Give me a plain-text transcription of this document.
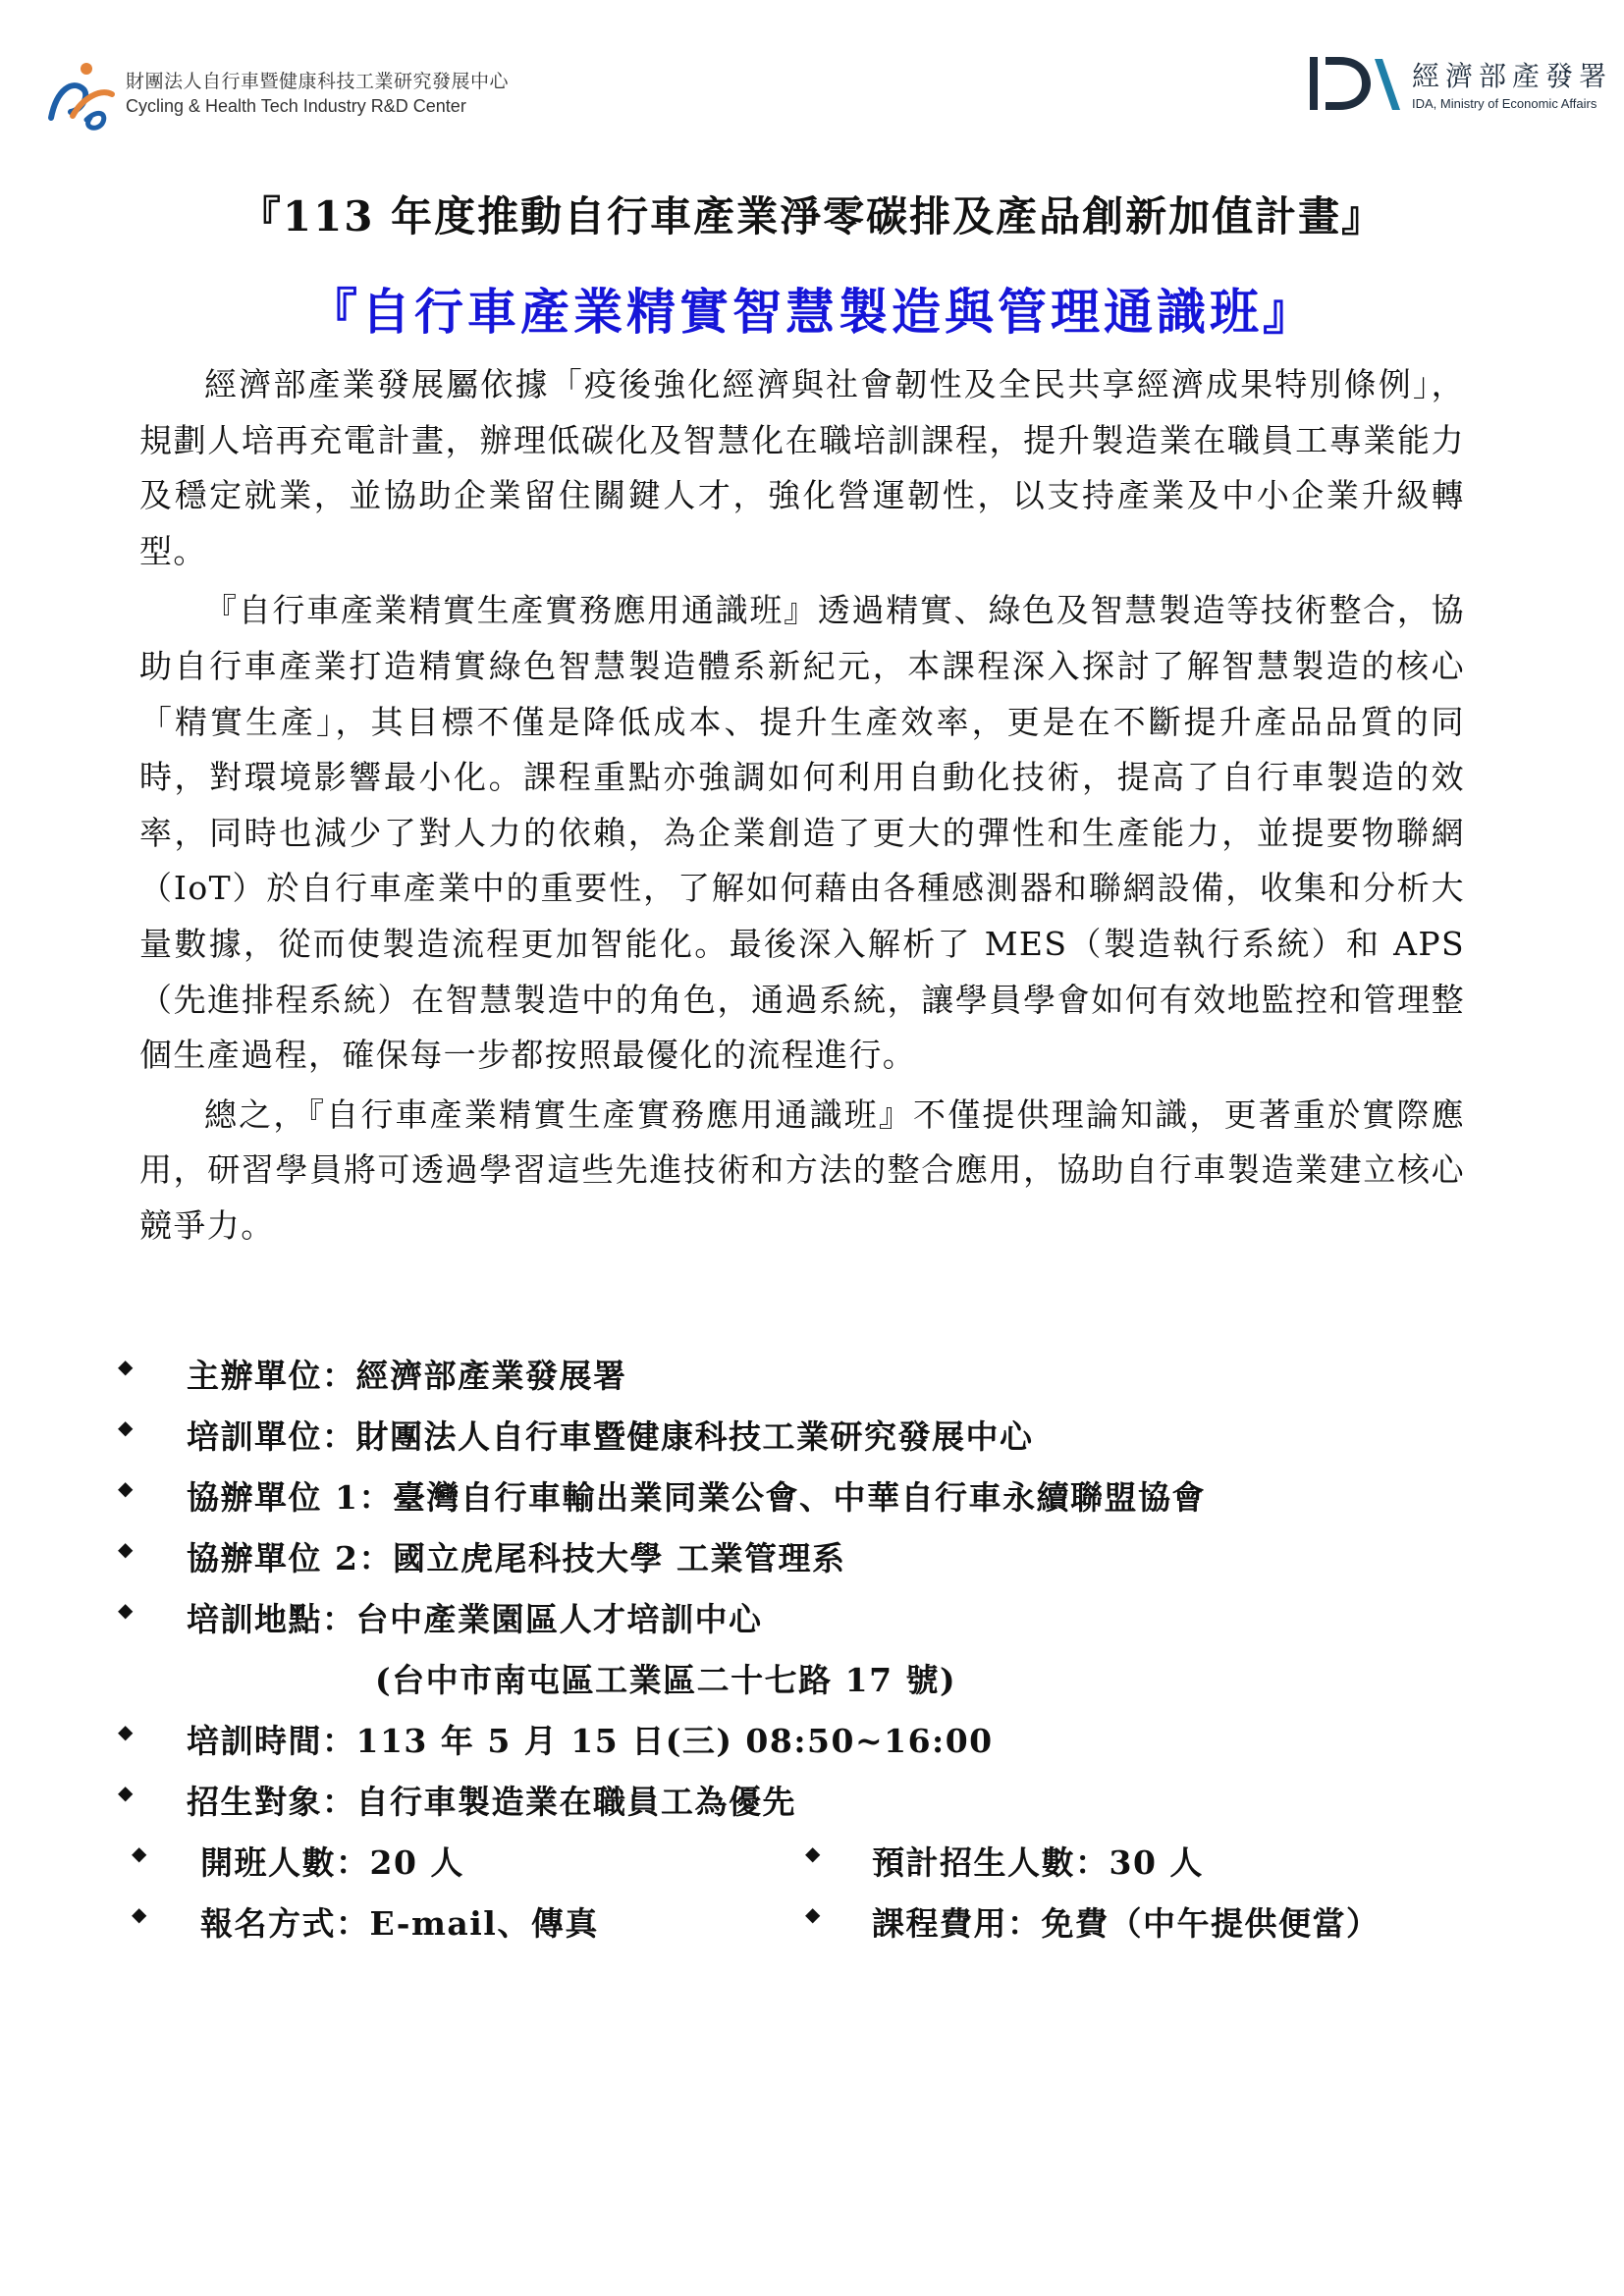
財團法人自行車暨健康科技工業研究發展中心
Cycling & Health Tech Industry R&D Center
經濟部產發署
IDA, Ministry of Economic Affairs
『113 年度推動自行車產業淨零碳排及產品創新加值計畫』
『自行車產業精實智慧製造與管理通識班』

經濟部產業發展屬依據「疫後強化經濟與社會韌性及全民共享經濟成果特別條例」，規劃人培再充電計畫，辦理低碳化及智慧化在職培訓課程，提升製造業在職員工專業能力及穩定就業，並協助企業留住關鍵人才，強化營運韌性，以支持產業及中小企業升級轉型。

『自行車產業精實生產實務應用通識班』透過精實、綠色及智慧製造等技術整合，協助自行車產業打造精實綠色智慧製造體系新紀元，本課程深入探討了解智慧製造的核心「精實生產」，其目標不僅是降低成本、提升生產效率，更是在不斷提升產品品質的同時，對環境影響最小化。課程重點亦強調如何利用自動化技術，提高了自行車製造的效率，同時也減少了對人力的依賴，為企業創造了更大的彈性和生產能力，並提要物聯網（IoT）於自行車產業中的重要性，了解如何藉由各種感測器和聯網設備，收集和分析大量數據，從而使製造流程更加智能化。最後深入解析了 MES（製造執行系統）和 APS（先進排程系統）在智慧製造中的角色，通過系統，讓學員學會如何有效地監控和管理整個生產過程，確保每一步都按照最優化的流程進行。

總之，『自行車產業精實生產實務應用通識班』不僅提供理論知識，更著重於實際應用，研習學員將可透過學習這些先進技術和方法的整合應用，協助自行車製造業建立核心競爭力。

◆ 主辦單位：經濟部產業發展署
◆ 培訓單位：財團法人自行車暨健康科技工業研究發展中心
◆ 協辦單位 1：臺灣自行車輸出業同業公會、中華自行車永續聯盟協會
◆ 協辦單位 2：國立虎尾科技大學 工業管理系
◆ 培訓地點：台中產業園區人才培訓中心
(台中市南屯區工業區二十七路 17 號)
◆ 培訓時間：113 年 5 月 15 日(三) 08:50~16:00
◆ 招生對象：自行車製造業在職員工為優先
◆ 開班人數：20 人	◆ 預計招生人數：30 人
◆ 報名方式：E-mail、傳真	◆ 課程費用：免費（中午提供便當）
